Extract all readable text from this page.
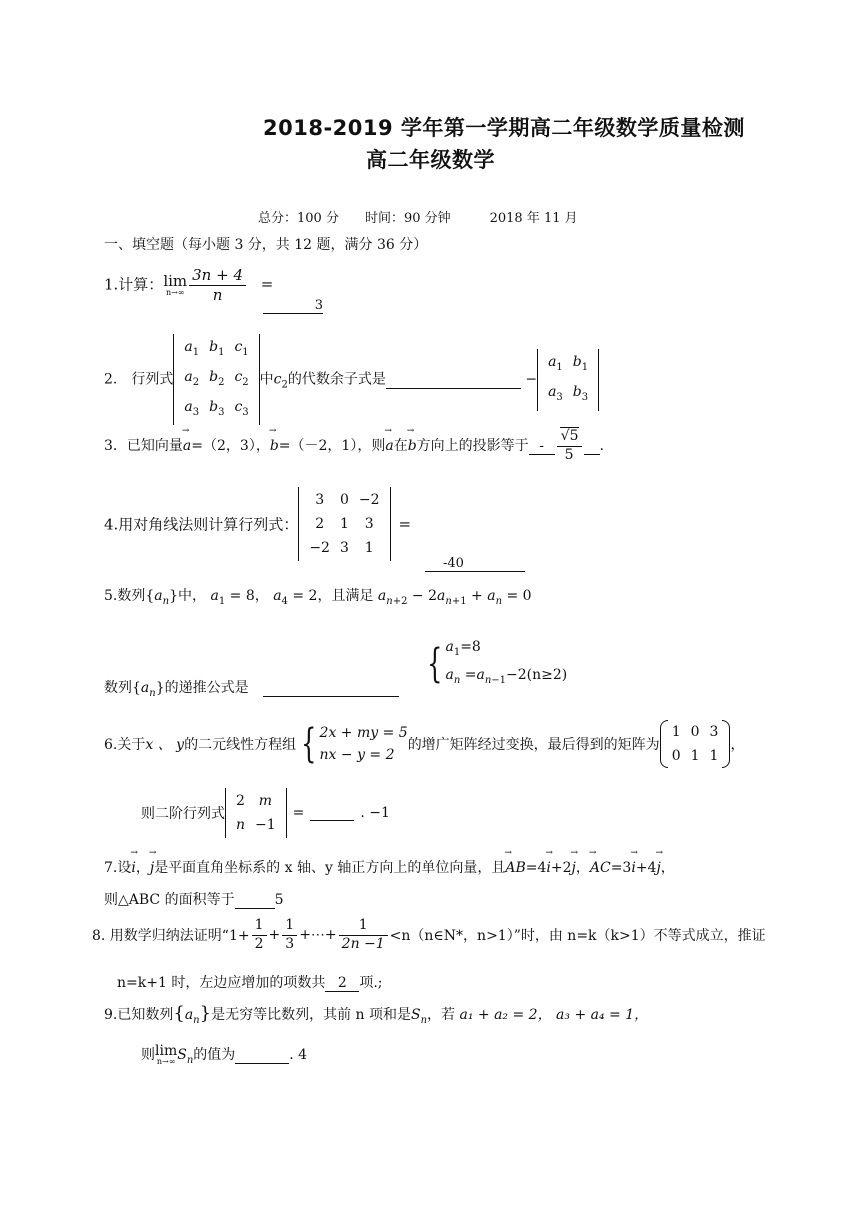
2018-2019 学年第一学期高二年级数学质量检测
高二年级数学
总分：100 分　　时间：90 分钟　　　2018 年 11 月
一、填空题（每小题 3 分，共 12 题，满分 36 分）
1.计算：lim
$n\to\infty \frac{3n + 4}{n}$ =
3
2.　行列式
$a_1$	$b_1$	$c_1$
$a_2$	$b_2$	$c_2$
$a_3$	$b_3$	$c_3$
中$c_2$的代数余子式是	−
$a_1$	$b_1$
$a_3$	$b_3$
3．已知向量→ a=（2，3），→ b=（－2，1），则→ a在→ b方向上的投影等于 - $\frac{√5}{5}$ .
4.用对角线法则计算行列式：
3	0	−2
2	1	3
−2	3	1
=
-40
5.数列$\{a_n\}$中， $a_1 = 8$， $a_4 = 2$，且满足 $a_{n+2} - 2a_{n+1} + a_n = 0$
{ $a_1=8$
$a_n =a_{n-1}-2(n\ge 2)$
数列$\{a_n\}$的递推公式是
6.关于x 、 y的二元线性方程组 { 2x + my = 5
nx − y = 2的增广矩阵经过变换，最后得到的矩阵为
1	0	3
0	1	1
，
则二阶行列式
2	m
n	−1
=	. −1
7.设→ i，→ j是平面直角坐标系的 x 轴、y 轴正方向上的单位向量，且→ AB=4→ i+2→ j，→ AC=3→ i+4→ j，
则△ABC 的面积等于	5
8. 用数学归纳法证明“$1+ \frac{1}{2} + \frac{1}{3}$ +⋯+ $\frac{1}{2n -1}$ <n（n∈N*，n>1）”时，由 n=k（k>1）不等式成立，推证
n=k+1 时，左边应增加的项数共 2 项.;
9.已知数列$\{a_n\}$是无穷等比数列，其前 n 项和是$S_n$，若 a₁ + a₂ = 2， a₃ + a₄ = 1，
则lim
n→∞ $S_n$的值为	. 4
